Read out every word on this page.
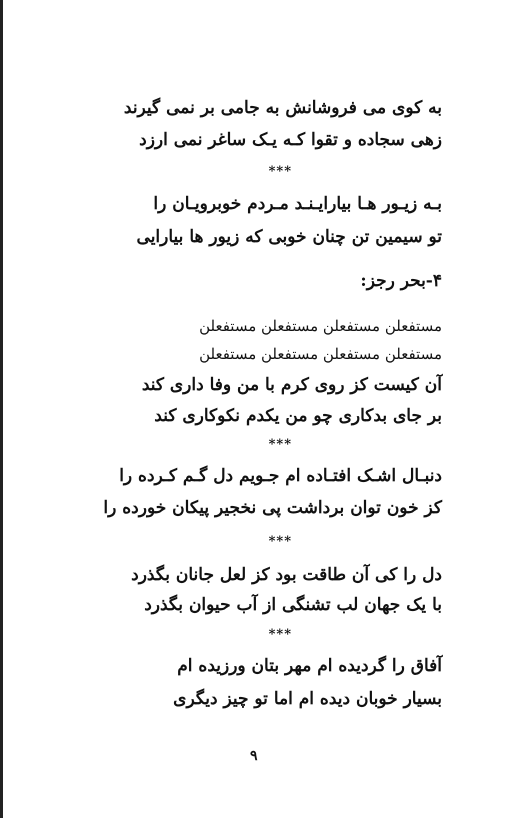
به کوی می فروشانش به جامی بر نمی گیرند
زهی سجاده و تقوا کـه یـک ساغر نمی ارزد
***
بـه زیـور هـا بیارایـنـد مـردم خوبرویـان را
تو سیمین تن چنان خوبی که زیور ها بیارایی
۴-بحر رجز:
مستفعلن مستفعلن مستفعلن مستفعلن
مستفعلن مستفعلن مستفعلن مستفعلن
آن کیست کز روی کرم با من وفا داری کند
بر جای بدکاری چو من یکدم نکوکاری کند
***
دنبـال اشـک افتـاده ام جـویم دل گـم کـرده را
کز خون توان برداشت پی نخجیر پیکان خورده را
***
دل را کی آن طاقت بود کز لعل جانان بگذرد
با یک جهان لب تشنگی از آب حیوان بگذرد
***
آفاق را گردیده ام مهر بتان ورزیده ام
بسیار خوبان دیده ام اما تو چیز دیگری
۹
